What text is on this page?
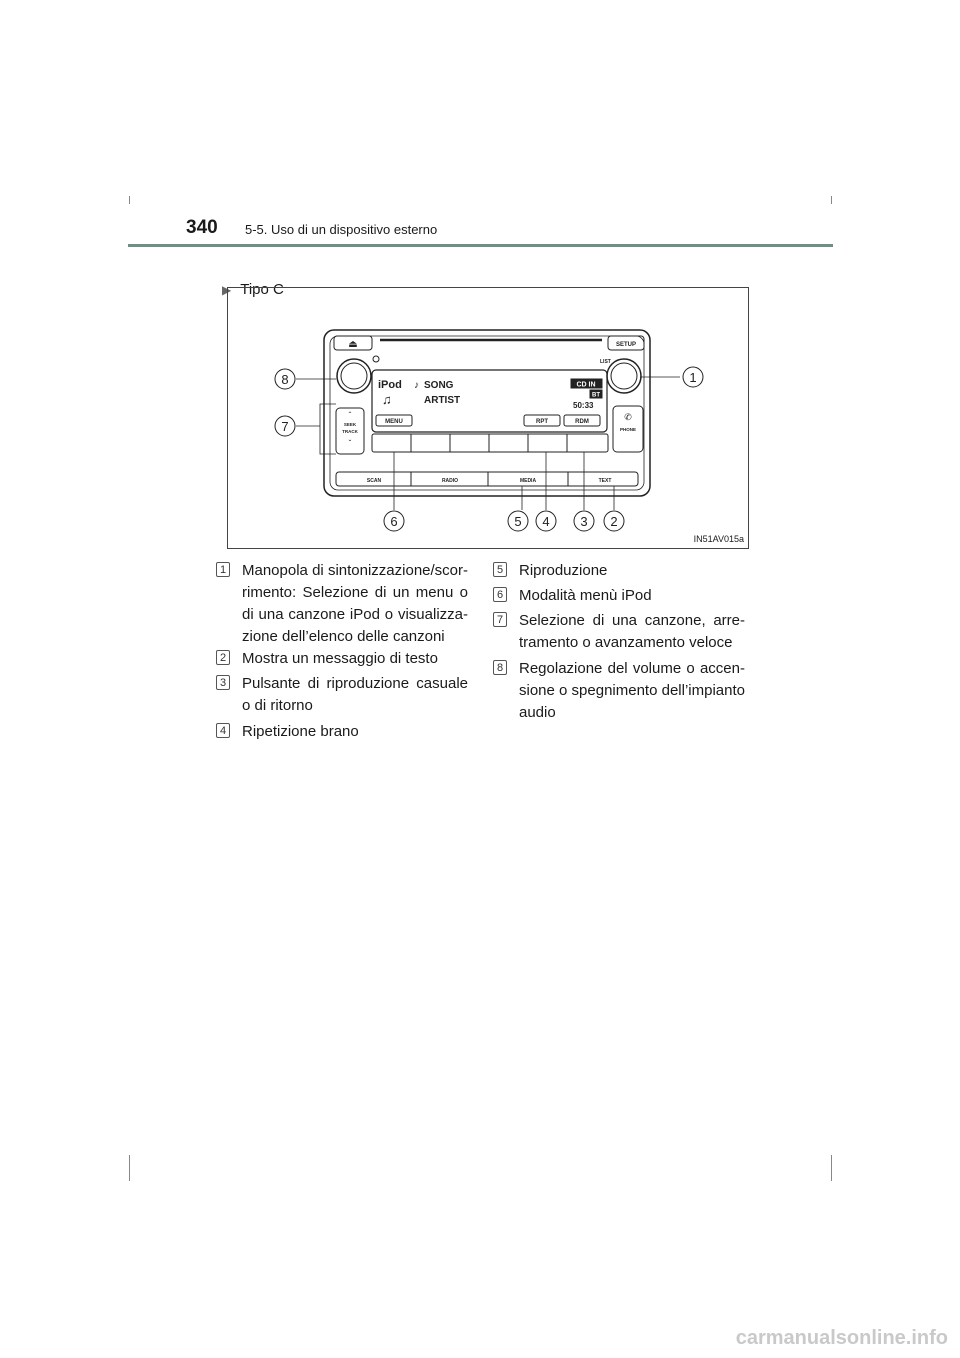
340 5-5. Uso di un dispositivo esterno
▶ Tipo C
⏏	SETUP
LIST
iPod ♪ SONG
♫	ARTIST
CD IN
BT
50:33
MENU	RPT	RDM
ˆ
SEEK
TRACK
ˇ
✆
PHONE
SCAN	RADIO	MEDIA	TEXT
1
2
3
4
5
6
7
8
IN51AV015a
1 Manopola di sintonizzazione/scor-rimento: Selezione di un menu o di una canzone iPod o visualizza-zione dell’elenco delle canzoni
2 Mostra un messaggio di testo
3 Pulsante di riproduzione casuale o di ritorno
4 Ripetizione brano
5 Riproduzione
6 Modalità menù iPod
7 Selezione di una canzone, arre-tramento o avanzamento veloce
8 Regolazione del volume o accen-sione o spegnimento dell’impianto audio
carmanualsonline.info
